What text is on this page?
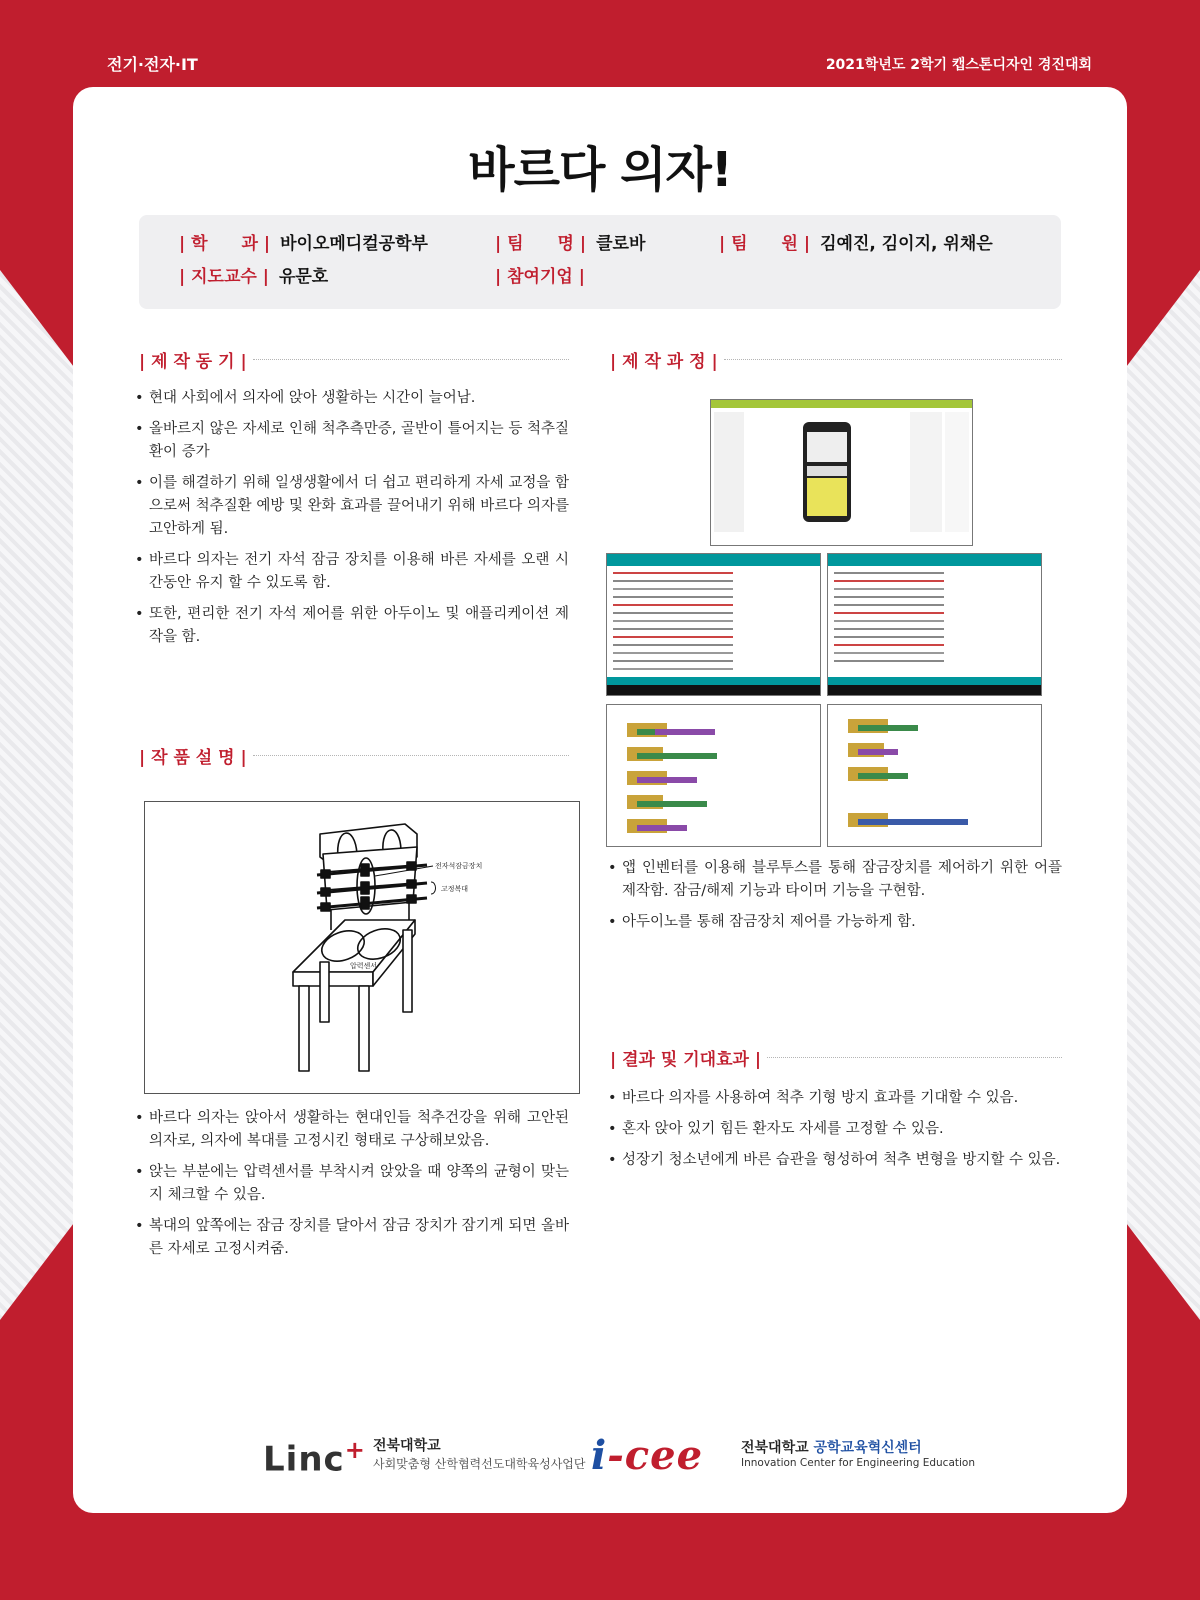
전기·전자·IT	2021학년도 2학기 캡스톤디자인 경진대회
바르다 의자!
| 학　　과 | 바이오메디컬공학부	| 팀　　명 | 클로바	| 팀　　원 | 김예진, 김이지, 위채은
| 지도교수 | 유문호	| 참여기업 |
| 제 작 동 기 |
• 현대 사회에서 의자에 앉아 생활하는 시간이 늘어남.
• 올바르지 않은 자세로 인해 척추측만증, 골반이 틀어지는 등 척추질환이 증가
• 이를 해결하기 위해 일생생활에서 더 쉽고 편리하게 자세 교정을 함으로써 척추질환 예방 및 완화 효과를 끌어내기 위해 바르다 의자를 고안하게 됨.
• 바르다 의자는 전기 자석 잠금 장치를 이용해 바른 자세를 오랜 시간동안 유지 할 수 있도록 함.
• 또한, 편리한 전기 자석 제어를 위한 아두이노 및 애플리케이션 제작을 함.
| 작 품 설 명 |
전자석잠금장치
고정복대
압력센서
• 바르다 의자는 앉아서 생활하는 현대인들 척추건강을 위해 고안된 의자로, 의자에 복대를 고정시킨 형태로 구상해보았음.
• 앉는 부분에는 압력센서를 부착시켜 앉았을 때 양쪽의 균형이 맞는지 체크할 수 있음.
• 복대의 앞쪽에는 잠금 장치를 달아서 잠금 장치가 잠기게 되면 올바른 자세로 고정시켜줌.
| 제 작 과 정 |
• 앱 인벤터를 이용해 블루투스를 통해 잠금장치를 제어하기 위한 어플 제작함. 잠금/해제 기능과 타이머 기능을 구현함.
• 아두이노를 통해 잠금장치 제어를 가능하게 함.
| 결과 및 기대효과 |
• 바르다 의자를 사용하여 척추 기형 방지 효과를 기대할 수 있음.
• 혼자 앉아 있기 힘든 환자도 자세를 고정할 수 있음.
• 성장기 청소년에게 바른 습관을 형성하여 척추 변형을 방지할 수 있음.
Linc+ 전북대학교
사회맞춤형 산학협력선도대학육성사업단 i-cee	전북대학교 공학교육혁신센터
Innovation Center for Engineering Education
